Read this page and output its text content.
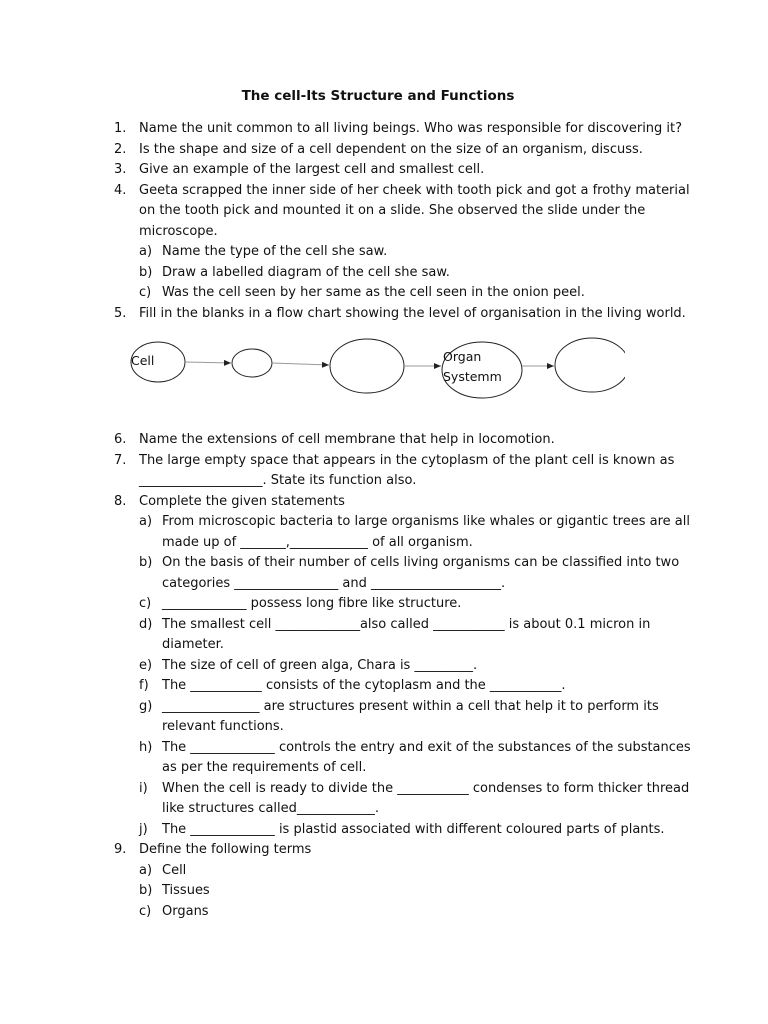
The cell-Its Structure and Functions
1. Name the unit common to all living beings. Who was responsible for discovering it?
2. Is the shape and size of a cell dependent on the size of an organism, discuss.
3. Give an example of the largest cell and smallest cell.
4. Geeta scrapped the inner side of her cheek with tooth pick and got a frothy material on the tooth pick and mounted it on a slide. She observed the slide under the microscope.
a) Name the type of the cell she saw.
b) Draw a labelled diagram of the cell she saw.
c) Was the cell seen by her same as the cell seen in the onion peel.
5. Fill in the blanks in a flow chart showing the level of organisation in the living world.
Cell	Organ
Systemm
6. Name the extensions of cell membrane that help in locomotion.
7. The large empty space that appears in the cytoplasm of the plant cell is known as ___________________. State its function also.
8. Complete the given statements
a) From microscopic bacteria to large organisms like whales or gigantic trees are all made up of _______,____________ of all organism.
b) On the basis of their number of cells living organisms can be classified into two categories ________________ and ____________________.
c) _____________ possess long fibre like structure.
d) The smallest cell _____________also called ___________ is about 0.1 micron in diameter.
e) The size of cell of green alga, Chara is _________.
f) The ___________ consists of the cytoplasm and the ___________.
g) _______________ are structures present within a cell that help it to perform its relevant functions.
h) The _____________ controls the entry and exit of the substances of the substances as per the requirements of cell.
i) When the cell is ready to divide the ___________ condenses to form thicker thread like structures called____________.
j) The _____________ is plastid associated with different coloured parts of plants.
9. Define the following terms
a) Cell
b) Tissues
c) Organs
